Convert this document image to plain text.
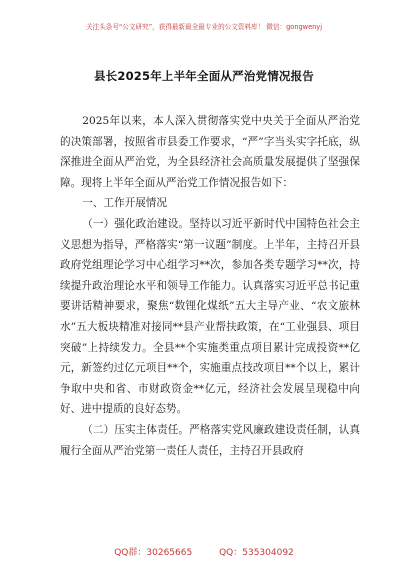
关注头条号“公文研究”，获得最新最全最专业的公文资料库！ 微信：gongwenyj
县长2025年上半年全面从严治党情况报告

2025年以来，本人深入贯彻落实党中央关于全面从严治党的决策部署，按照省市县委工作要求，“严”字当头实字托底，纵深推进全面从严治党，为全县经济社会高质量发展提供了坚强保障。现将上半年全面从严治党工作情况报告如下：

一、工作开展情况

（一）强化政治建设。坚持以习近平新时代中国特色社会主义思想为指导，严格落实“第一议题”制度。上半年，主持召开县政府党组理论学习中心组学习**次，参加各类专题学习**次，持续提升政治理论水平和领导工作能力。认真落实习近平总书记重要讲话精神要求，聚焦“数锂化煤纸”五大主导产业、“农文旅林水”五大板块精准对接同**县产业帮扶政策，在“工业强县、项目突破”上持续发力。全县**个实施类重点项目累计完成投资**亿元，新签约过亿元项目**个，实施重点技改项目**个以上，累计争取中央和省、市财政资金**亿元，经济社会发展呈现稳中向好、进中提质的良好态势。

（二）压实主体责任。严格落实党风廉政建设责任制，认真履行全面从严治党第一责任人责任，主持召开县政府

QQ群：30265665	QQ：535304092
